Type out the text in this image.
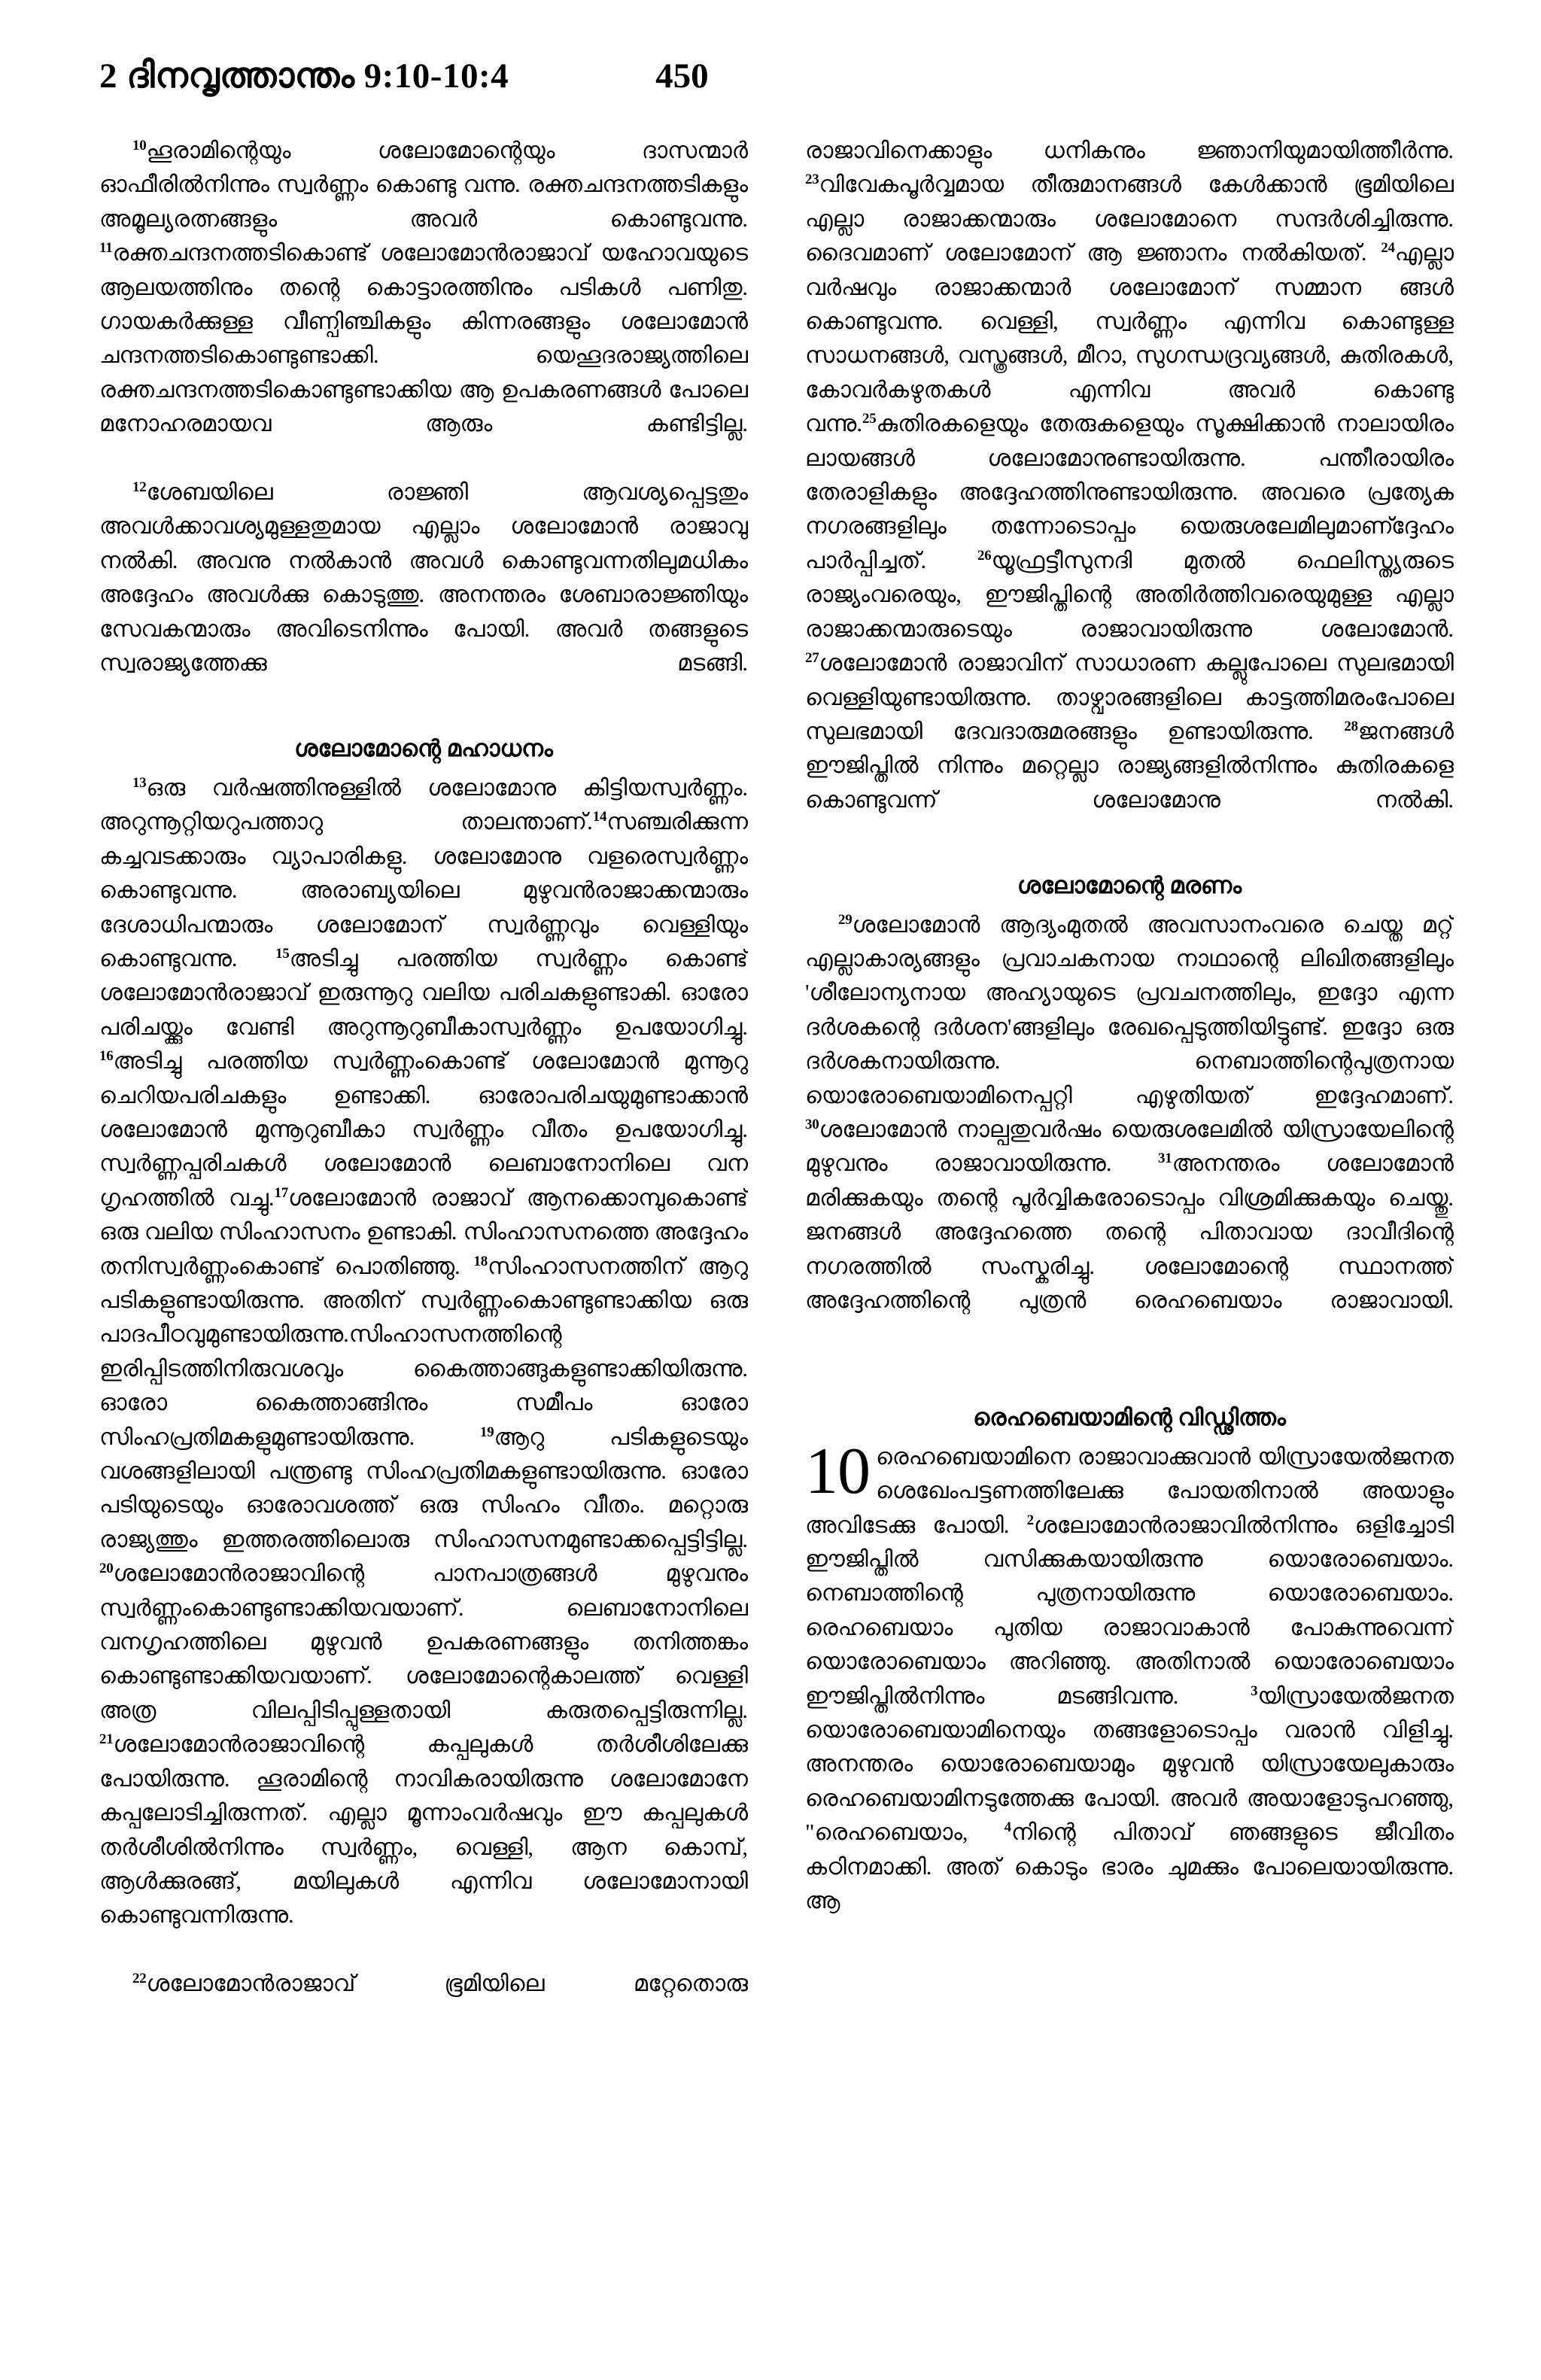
2 ദിനവൃത്താന്തം 9:10-10:4	450

$^{10}$ഹൂരാമിന്റെയും ശലോമോന്റെയും ദാസന്മാർ ഓഫീരിൽനിന്നും സ്വർണ്ണം കൊണ്ടു വന്നു. രക്തചന്ദനത്തടികളും അമൂല്യരത്നങ്ങളും അവർ കൊണ്ടുവന്നു. $^{11}$രക്തചന്ദനത്തടികൊണ്ട് ശലോമോൻരാജാവ് യഹോവയുടെ ആലയത്തിനും തന്റെ കൊട്ടാരത്തിനും പടികൾ പണിതു. ഗായകർക്കുള്ള വീണ്പിഞ്ചികളും കിന്നരങ്ങളും ശലോമോൻ ചന്ദനത്തടികൊണ്ടുണ്ടാക്കി. യെഹൂദരാജ്യത്തിലെ രക്തചന്ദനത്തടികൊണ്ടുണ്ടാക്കിയ ആ ഉപകരണങ്ങൾ പോലെ മനോഹരമായവ ആരും കണ്ടിട്ടില്ല.

$^{12}$ശേബയിലെ രാജ്ഞി ആവശ്യപ്പെട്ടതും അവൾക്കാവശ്യമുള്ളതുമായ എല്ലാം ശലോമോൻ രാജാവു നൽകി. അവനു നൽകാൻ അവൾ കൊണ്ടുവന്നതിലുമധികം അദ്ദേഹം അവൾക്കു കൊടുത്തു. അനന്തരം ശേബാരാജ്ഞിയും സേവകന്മാരും അവിടെനിന്നും പോയി. അവർ തങ്ങളുടെ സ്വരാജ്യത്തേക്കു മടങ്ങി.

ശലോമോന്റെ മഹാധനം

$^{13}$ഒരു വർഷത്തിനുള്ളിൽ ശലോമോനു കിട്ടിയസ്വർണ്ണം. അറുന്നൂറ്റിയറുപത്താറു താലന്താണ്.$^{14}$സഞ്ചരിക്കുന്ന കച്ചവടക്കാരും വ്യാപാരികളു. ശലോമോനു വളരെസ്വർണ്ണം കൊണ്ടുവന്നു. അരാബ്യയിലെ മുഴുവൻരാജാക്കന്മാരും ദേശാധിപന്മാരും ശലോമോന് സ്വർണ്ണവും വെള്ളിയും കൊണ്ടുവന്നു. $^{15}$അടിച്ചു പരത്തിയ സ്വർണ്ണം കൊണ്ട് ശലോമോൻരാജാവ് ഇരുന്നൂറു വലിയ പരിചകളുണ്ടാകി. ഓരോ പരിചയ്ക്കും വേണ്ടി അറുന്നൂറുബീകാസ്വർണ്ണം ഉപയോഗിച്ചു. $^{16}$അടിച്ചു പരത്തിയ സ്വർണ്ണംകൊണ്ട് ശലോമോൻ മുന്നൂറു ചെറിയപരിചകളും ഉണ്ടാക്കി. ഓരോപരിചയുമുണ്ടാക്കാൻ ശലോമോൻ മുന്നൂറുബീകാ സ്വർണ്ണം വീതം ഉപയോഗിച്ചു. സ്വർണ്ണപ്പരിചകൾ ശലോമോൻ ലെബാനോനിലെ വന ഗൃഹത്തിൽ വച്ചു.$^{17}$ശലോമോൻ രാജാവ് ആനക്കൊമ്പുകൊണ്ട് ഒരു വലിയ സിംഹാസനം ഉണ്ടാകി. സിംഹാസനത്തെ അദ്ദേഹം തനിസ്വർണ്ണംകൊണ്ട് പൊതിഞ്ഞു. $^{18}$സിംഹാസനത്തിന് ആറു പടികളുണ്ടായിരുന്നു. അതിന് സ്വർണ്ണംകൊണ്ടുണ്ടാക്കിയ ഒരു പാദപീഠവുമുണ്ടായിരുന്നു.സിംഹാസനത്തിന്റെ ഇരിപ്പിടത്തിനിരുവശവും കൈത്താങ്ങുകളുണ്ടാക്കിയിരുന്നു. ഓരോ കൈത്താങ്ങിനും സമീപം ഓരോ സിംഹപ്രതിമകളുമുണ്ടായിരുന്നു. $^{19}$ആറു പടികളുടെയും വശങ്ങളിലായി പന്ത്രണ്ടു സിംഹപ്രതിമകളുണ്ടായിരുന്നു. ഓരോ പടിയുടെയും ഓരോവശത്ത് ഒരു സിംഹം വീതം. മറ്റൊരു രാജ്യത്തും ഇത്തരത്തിലൊരു സിംഹാസനമുണ്ടാക്കപ്പെട്ടിട്ടില്ല. $^{20}$ശലോമോൻരാജാവിന്റെ പാനപാത്രങ്ങൾ മുഴുവനും സ്വർണ്ണംകൊണ്ടുണ്ടാക്കിയവയാണ്. ലെബാനോനിലെ വനഗൃഹത്തിലെ മുഴുവൻ ഉപകരണങ്ങളും തനിത്തങ്കം കൊണ്ടുണ്ടാക്കിയവയാണ്. ശലോമോന്റെകാലത്ത് വെള്ളി അത്ര വിലപ്പിടിപ്പുള്ളതായി കരുതപ്പെട്ടിരുന്നില്ല. $^{21}$ശലോമോൻരാജാവിന്റെ കപ്പലുകൾ തർശീശിലേക്കു പോയിരുന്നു. ഹൂരാമിന്റെ നാവികരായിരുന്നു ശലോമോനേ കപ്പലോടിച്ചിരുന്നത്. എല്ലാ മൂന്നാംവർഷവും ഈ കപ്പലുകൾ തർശീശിൽനിന്നും സ്വർണ്ണം, വെള്ളി, ആന കൊമ്പ്, ആൾക്കുരങ്ങ്, മയിലുകൾ എന്നിവ ശലോമോനായി കൊണ്ടുവന്നിരുന്നു.

$^{22}$ശലോമോൻരാജാവ് ഭൂമിയിലെ മറ്റേതൊരു

രാജാവിനെക്കാളും ധനികനും ജ്ഞാനിയുമായിത്തീർന്നു. $^{23}$വിവേകപൂർവ്വമായ തീരുമാനങ്ങൾ കേൾക്കാൻ ഭൂമിയിലെ എല്ലാ രാജാക്കന്മാരും ശലോമോനെ സന്ദർശിച്ചിരുന്നു. ദൈവമാണ് ശലോമോന് ആ ജ്ഞാനം നൽകിയത്. $^{24}$എല്ലാ വർഷവും രാജാക്കന്മാർ ശലോമോന് സമ്മാന ങ്ങൾ കൊണ്ടുവന്നു. വെള്ളി, സ്വർണ്ണം എന്നിവ കൊണ്ടുള്ള സാധനങ്ങൾ, വസ്ത്രങ്ങൾ, മീറാ, സുഗന്ധദ്രവ്യങ്ങൾ, കുതിരകൾ, കോവർകഴുതകൾ എന്നിവ അവർ കൊണ്ടു വന്നു.$^{25}$കുതിരകളെയും തേരുകളെയും സൂക്ഷിക്കാൻ നാലായിരം ലായങ്ങൾ ശലോമോനുണ്ടായിരുന്നു. പന്തീരായിരം തേരാളികളും അദ്ദേഹത്തിനുണ്ടായിരുന്നു. അവരെ പ്രത്യേക നഗരങ്ങളിലും തന്നോടൊപ്പം യെരുശലേമിലുമാണ്ദ്ദേഹം പാർപ്പിച്ചത്. $^{26}$യൂഫ്രട്ടീസുനദി മുതൽ ഫെലിസ്ത്യരുടെ രാജ്യംവരെയും, ഈജിപ്തിന്റെ അതിർത്തിവരെയുമുള്ള എല്ലാ രാജാക്കന്മാരുടെയും രാജാവായിരുന്നു ശലോമോൻ. $^{27}$ശലോമോൻ രാജാവിന് സാധാരണ കല്ലുപോലെ സുലഭമായി വെള്ളിയുണ്ടായിരുന്നു. താഴ്വാരങ്ങളിലെ കാട്ടത്തിമരംപോലെ സുലഭമായി ദേവദാരുമരങ്ങളും ഉണ്ടായിരുന്നു. $^{28}$ജനങ്ങൾ ഈജിപ്തിൽ നിന്നും മറ്റെല്ലാ രാജ്യങ്ങളിൽനിന്നും കുതിരകളെ കൊണ്ടുവന്ന് ശലോമോനു നൽകി.

ശലോമോന്റെ മരണം

$^{29}$ശലോമോൻ ആദ്യംമുതൽ അവസാനംവരെ ചെയ്ത മറ്റ് എല്ലാകാര്യങ്ങളും പ്രവാചകനായ നാഥാന്റെ ലിഖിതങ്ങളിലും 'ശീലോന്യനായ അഹ്യായുടെ പ്രവചനത്തിലും, ഇദ്ദോ എന്ന ദർശകന്റെ ദർശന'ങ്ങളിലും രേഖപ്പെടുത്തിയിട്ടുണ്ട്. ഇദ്ദോ ഒരു ദർശകനായിരുന്നു. നെബാത്തിന്റെപുത്രനായ യൊരോബെയാമിനെപ്പറ്റി എഴുതിയത് ഇദ്ദേഹമാണ്. $^{30}$ശലോമോൻ നാല്പതുവർഷം യെരുശലേമിൽ യിസ്രായേലിന്റെ മുഴുവനും രാജാവായിരുന്നു. $^{31}$അനന്തരം ശലോമോൻ മരിക്കുകയും തന്റെ പൂർവ്വികരോടൊപ്പം വിശ്രമിക്കുകയും ചെയ്തു. ജനങ്ങൾ അദ്ദേഹത്തെ തന്റെ പിതാവായ ദാവീദിന്റെ നഗരത്തിൽ സംസ്കരിച്ചു. ശലോമോന്റെ സ്ഥാനത്ത് അദ്ദേഹത്തിന്റെ പുത്രൻ രെഹബെയാം രാജാവായി.

രെഹബെയാമിന്റെ വിഡ്ഢിത്തം
10 രെഹബെയാമിനെ രാജാവാക്കുവാൻ യിസ്രായേൽജനത ശെഖേംപട്ടണത്തിലേക്കു പോയതിനാൽ അയാളും അവിടേക്കു പോയി. $^2$ശലോമോൻരാജാവിൽനിന്നും ഒളിച്ചോടി ഈജിപ്തിൽ വസിക്കുകയായിരുന്നു യൊരോബെയാം. നെബാത്തിന്റെ പുത്രനായിരുന്നു യൊരോബെയാം. രെഹബെയാം പുതിയ രാജാവാകാൻ പോകുന്നുവെന്ന് യൊരോബെയാം അറിഞ്ഞു. അതിനാൽ യൊരോബെയാം ഈജിപ്തിൽനിന്നും മടങ്ങിവന്നു. $^3$യിസ്രായേൽജനത യൊരോബെയാമിനെയും തങ്ങളോടൊപ്പം വരാൻ വിളിച്ചു. അനന്തരം യൊരോബെയാമും മുഴുവൻ യിസ്രായേലുകാരും രെഹബെയാമിനടുത്തേക്കു പോയി. അവർ അയാളോടുപറഞ്ഞു, "രെഹബെയാം, $^4$നിന്റെ പിതാവ് ഞങ്ങളുടെ ജീവിതം കഠിനമാക്കി. അത് കൊടും ഭാരം ചുമക്കും പോലെയായിരുന്നു. ആ
